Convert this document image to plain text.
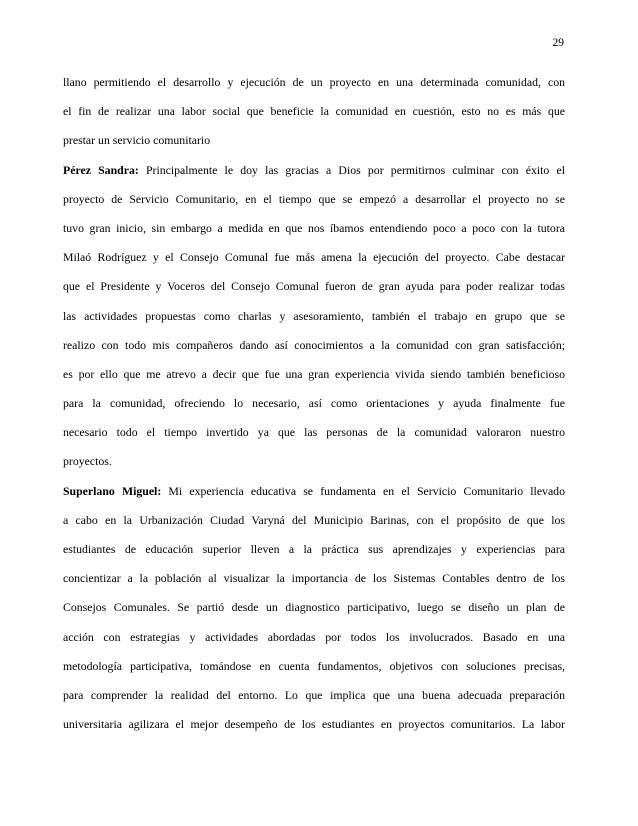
29
llano permitiendo el desarrollo y ejecución de un proyecto en una determinada comunidad, con
el fin de realizar una labor social que beneficie la comunidad en cuestión, esto no es más que
prestar un servicio comunitario
Pérez Sandra: Principalmente le doy las gracias a Dios por permitirnos culminar con éxito el
proyecto de Servicio Comunitario, en el tiempo que se empezó a desarrollar el proyecto no se
tuvo gran inicio, sin embargo a medida en que nos íbamos entendiendo poco a poco con la tutora
Milaó Rodríguez y el Consejo Comunal fue más amena la ejecución del proyecto. Cabe destacar
que el Presidente y Voceros del Consejo Comunal fueron de gran ayuda para poder realizar todas
las actividades propuestas como charlas y asesoramiento, también el trabajo en grupo que se
realizo con todo mis compañeros dando así conocimientos a la comunidad con gran satisfacción;
es por ello que me atrevo a decir que fue una gran experiencia vivida siendo también beneficioso
para la comunidad, ofreciendo lo necesario, así como orientaciones y ayuda finalmente fue
necesario todo el tiempo invertido ya que las personas de la comunidad valoraron nuestro
proyectos.
Superlano Miguel: Mi experiencia educativa se fundamenta en el Servicio Comunitario llevado
a cabo en la Urbanización Ciudad Varyná del Municipio Barinas, con el propósito de que los
estudiantes de educación superior lleven a la práctica sus aprendizajes y experiencias para
concientizar a la población al visualizar la importancia de los Sistemas Contables dentro de los
Consejos Comunales. Se partió desde un diagnostico participativo, luego se diseño un plan de
acción con estrategias y actividades abordadas por todos los involucrados. Basado en una
metodología participativa, tomándose en cuenta fundamentos, objetivos con soluciones precisas,
para comprender la realidad del entorno. Lo que implica que una buena adecuada preparación
universitaria agilizara el mejor desempeño de los estudiantes en proyectos comunitarios. La labor
